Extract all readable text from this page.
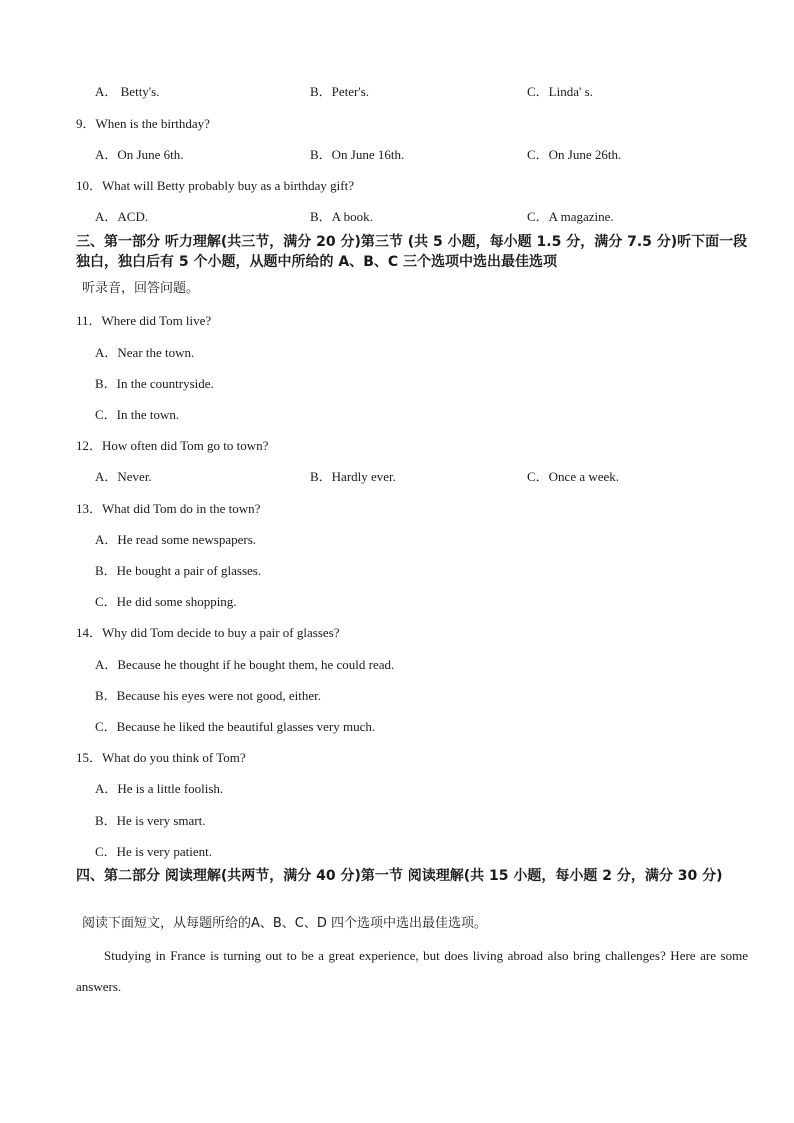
A． Betty's.	B．Peter's.	C．Linda' s.
9．When is the birthday?
A．On June 6th.	B．On June 16th.	C．On June 26th.
10．What will Betty probably buy as a birthday gift?
A．ACD.	B．A book.	C．A magazine.
三、第一部分 听力理解(共三节，满分 20 分)第三节 (共 5 小题，每小题 1.5 分，满分 7.5 分)听下面一段独白，独白后有 5 个小题，从题中所给的 A、B、C 三个选项中选出最佳选项
听录音，回答问题。
11．Where did Tom live?
A．Near the town.
B．In the countryside.
C．In the town.
12．How often did Tom go to town?
A．Never.	B．Hardly ever.	C．Once a week.
13．What did Tom do in the town?
A．He read some newspapers.
B．He bought a pair of glasses.
C．He did some shopping.
14．Why did Tom decide to buy a pair of glasses?
A．Because he thought if he bought them, he could read.
B．Because his eyes were not good, either.
C．Because he liked the beautiful glasses very much.
15．What do you think of Tom?
A．He is a little foolish.
B．He is very smart.
C．He is very patient.
四、第二部分 阅读理解(共两节，满分 40 分)第一节 阅读理解(共 15 小题，每小题 2 分，满分 30 分)
阅读下面短文，从每题所给的A、B、C、D 四个选项中选出最佳选项。
Studying in France is turning out to be a great experience, but does living abroad also bring challenges? Here are some answers.
